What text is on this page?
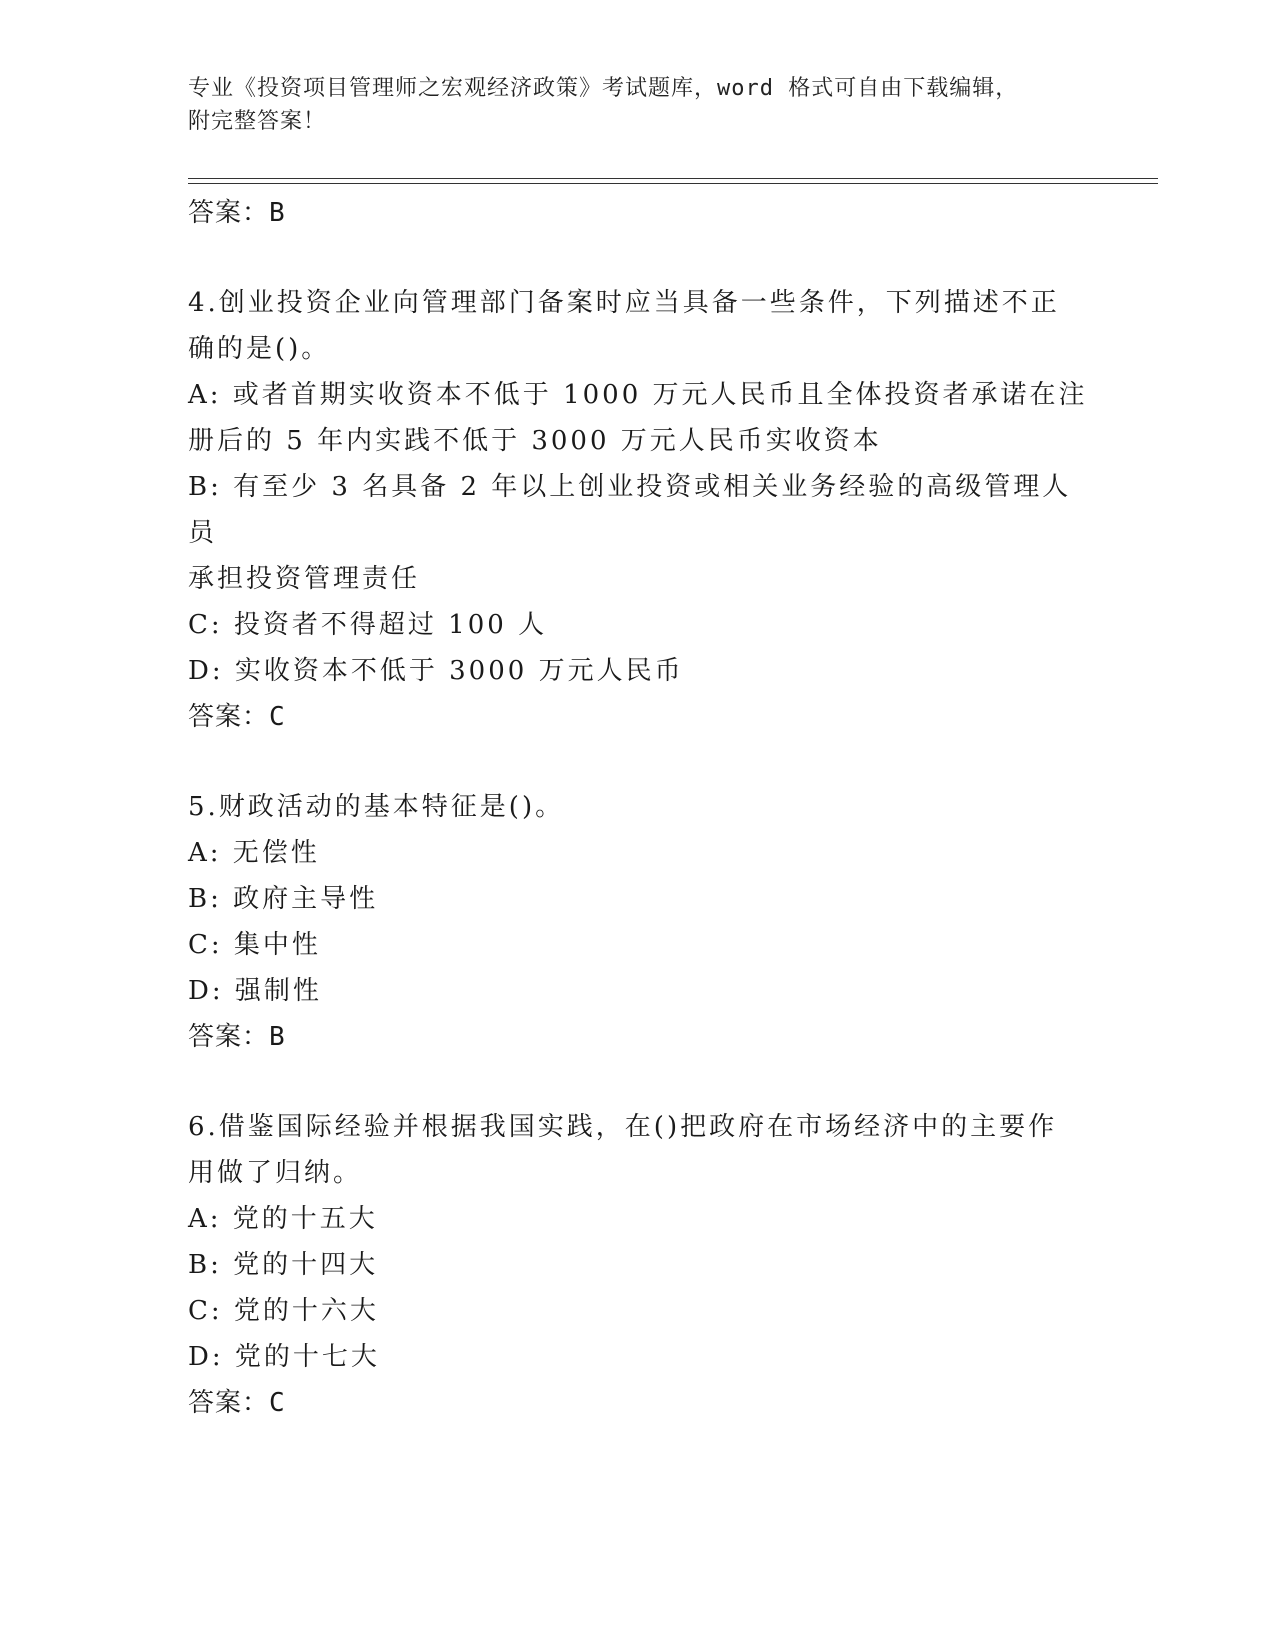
专业《投资项目管理师之宏观经济政策》考试题库，word 格式可自由下载编辑，
附完整答案！

答案：B

4.创业投资企业向管理部门备案时应当具备一些条件，下列描述不正

确的是()。

A: 或者首期实收资本不低于 1000 万元人民币且全体投资者承诺在注

册后的 5 年内实践不低于 3000 万元人民币实收资本

B: 有至少 3 名具备 2 年以上创业投资或相关业务经验的高级管理人员

承担投资管理责任

C: 投资者不得超过 100 人

D: 实收资本不低于 3000 万元人民币

答案：C

5.财政活动的基本特征是()。

A: 无偿性

B: 政府主导性

C: 集中性

D: 强制性

答案：B

6.借鉴国际经验并根据我国实践，在()把政府在市场经济中的主要作

用做了归纳。

A: 党的十五大

B: 党的十四大

C: 党的十六大

D: 党的十七大

答案：C
